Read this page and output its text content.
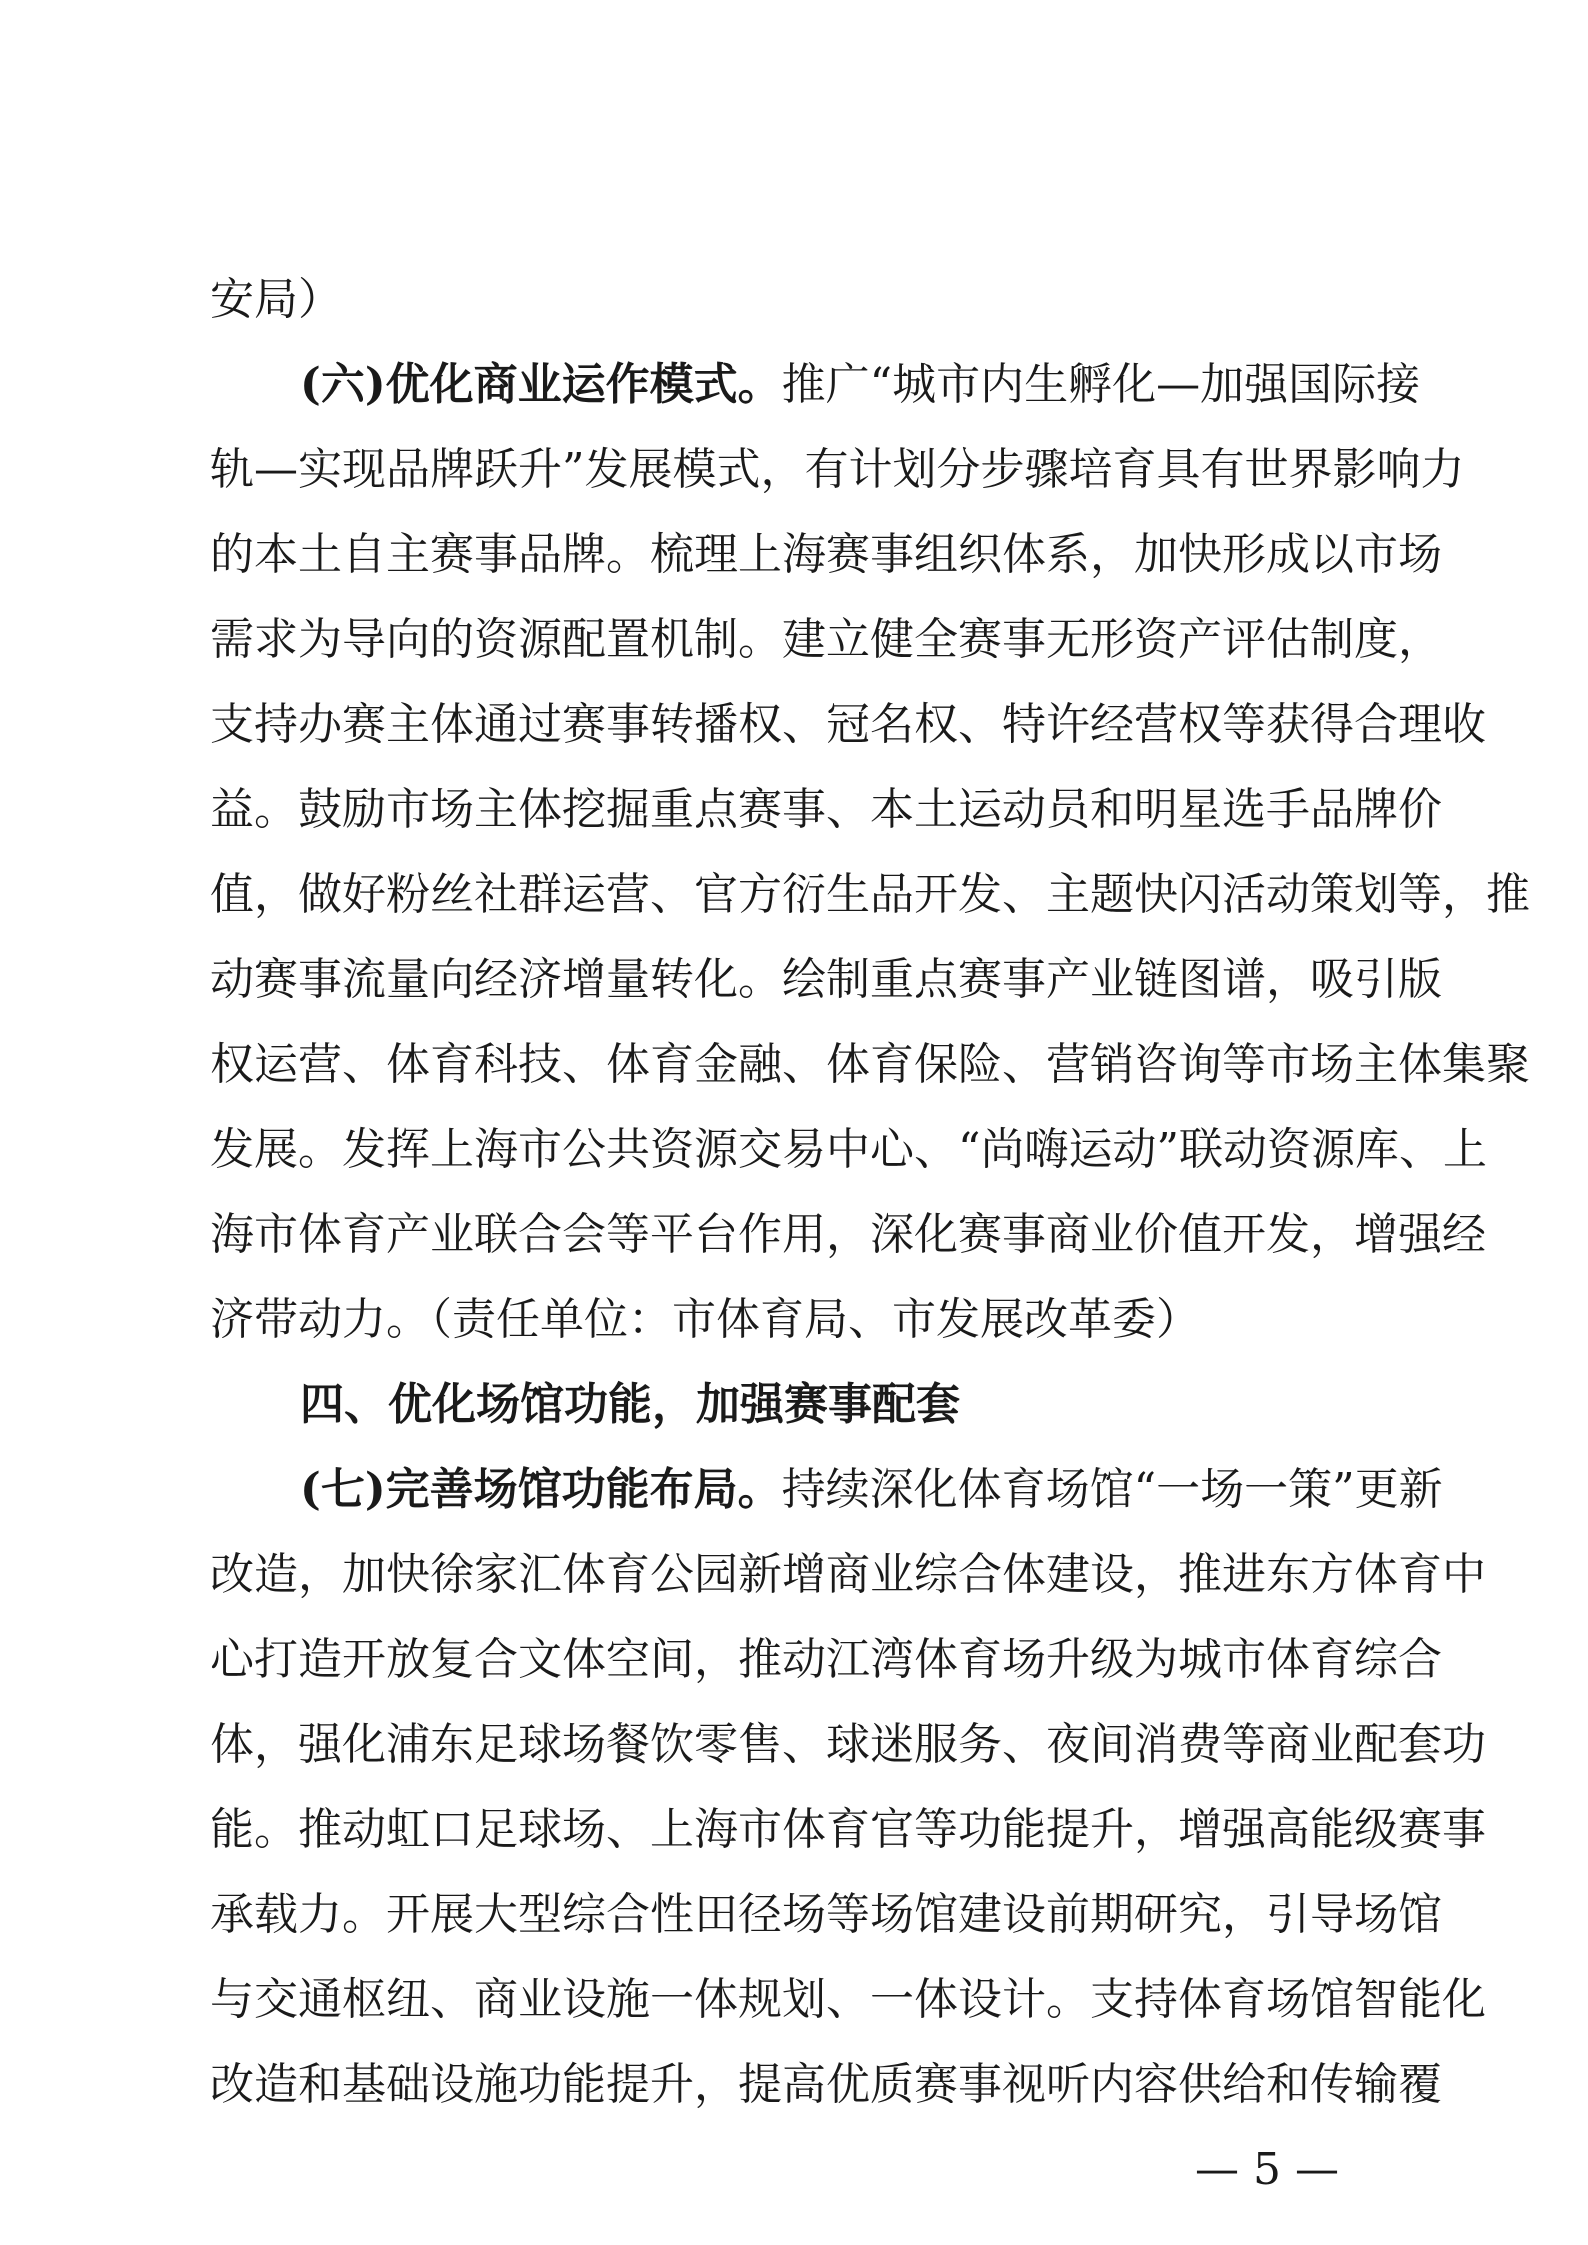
安局）
(六)优化商业运作模式。推广“城市内生孵化—加强国际接
轨—实现品牌跃升”发展模式，有计划分步骤培育具有世界影响力
的本土自主赛事品牌。梳理上海赛事组织体系，加快形成以市场
需求为导向的资源配置机制。建立健全赛事无形资产评估制度，
支持办赛主体通过赛事转播权、冠名权、特许经营权等获得合理收
益。鼓励市场主体挖掘重点赛事、本土运动员和明星选手品牌价
值，做好粉丝社群运营、官方衍生品开发、主题快闪活动策划等，推
动赛事流量向经济增量转化。绘制重点赛事产业链图谱，吸引版
权运营、体育科技、体育金融、体育保险、营销咨询等市场主体集聚
发展。发挥上海市公共资源交易中心、“尚嗨运动”联动资源库、上
海市体育产业联合会等平台作用，深化赛事商业价值开发，增强经
济带动力。（责任单位：市体育局、市发展改革委）
四、优化场馆功能，加强赛事配套
(七)完善场馆功能布局。持续深化体育场馆“一场一策”更新
改造，加快徐家汇体育公园新增商业综合体建设，推进东方体育中
心打造开放复合文体空间，推动江湾体育场升级为城市体育综合
体，强化浦东足球场餐饮零售、球迷服务、夜间消费等商业配套功
能。推动虹口足球场、上海市体育官等功能提升，增强高能级赛事
承载力。开展大型综合性田径场等场馆建设前期研究，引导场馆
与交通枢纽、商业设施一体规划、一体设计。支持体育场馆智能化
改造和基础设施功能提升，提高优质赛事视听内容供给和传输覆
— 5 —
